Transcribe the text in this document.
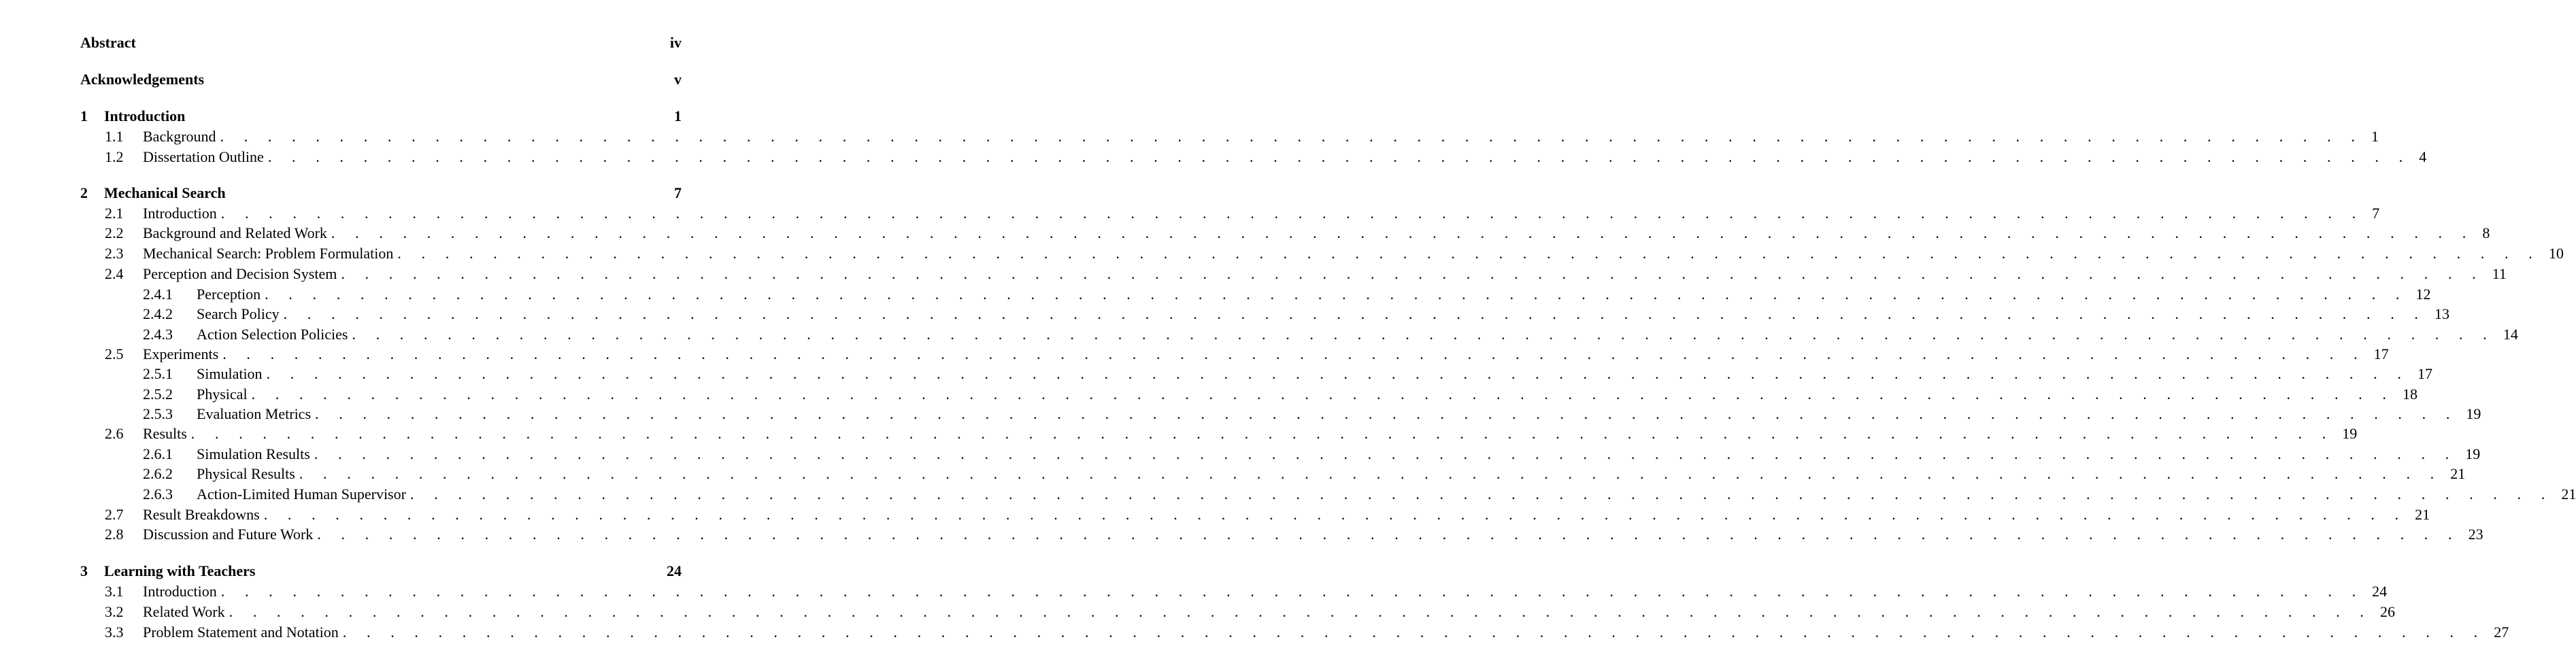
Abstract	iv
Acknowledgements	v
1	Introduction	1
1.1	Background . . . . . . . . . . . . . . . . . . . . . . . . . . . . . . . . . . . . . . . . . . . . . . . . . . . . . . . . . . . . . . . . . . . . . . . . . . . . . . . . . . . . . . . . . . 1
1.2	Dissertation Outline . . . . . . . . . . . . . . . . . . . . . . . . . . . . . . . . . . . . . . . . . . . . . . . . . . . . . . . . . . . . . . . . . . . . . . . . . . . . . . . . . . . . . . . . . . 4
2	Mechanical Search	7
2.1	Introduction . . . . . . . . . . . . . . . . . . . . . . . . . . . . . . . . . . . . . . . . . . . . . . . . . . . . . . . . . . . . . . . . . . . . . . . . . . . . . . . . . . . . . . . . . . 7
2.2	Background and Related Work . . . . . . . . . . . . . . . . . . . . . . . . . . . . . . . . . . . . . . . . . . . . . . . . . . . . . . . . . . . . . . . . . . . . . . . . . . . . . . . . . . . . . . . . . . 8
2.3	Mechanical Search: Problem Formulation . . . . . . . . . . . . . . . . . . . . . . . . . . . . . . . . . . . . . . . . . . . . . . . . . . . . . . . . . . . . . . . . . . . . . . . . . . . . . . . . . . . . . . . . . . 10
2.4	Perception and Decision System . . . . . . . . . . . . . . . . . . . . . . . . . . . . . . . . . . . . . . . . . . . . . . . . . . . . . . . . . . . . . . . . . . . . . . . . . . . . . . . . . . . . . . . . . . 11
2.4.1	Perception . . . . . . . . . . . . . . . . . . . . . . . . . . . . . . . . . . . . . . . . . . . . . . . . . . . . . . . . . . . . . . . . . . . . . . . . . . . . . . . . . . . . . . . . . . 12
2.4.2	Search Policy . . . . . . . . . . . . . . . . . . . . . . . . . . . . . . . . . . . . . . . . . . . . . . . . . . . . . . . . . . . . . . . . . . . . . . . . . . . . . . . . . . . . . . . . . . 13
2.4.3	Action Selection Policies . . . . . . . . . . . . . . . . . . . . . . . . . . . . . . . . . . . . . . . . . . . . . . . . . . . . . . . . . . . . . . . . . . . . . . . . . . . . . . . . . . . . . . . . . . 14
2.5	Experiments . . . . . . . . . . . . . . . . . . . . . . . . . . . . . . . . . . . . . . . . . . . . . . . . . . . . . . . . . . . . . . . . . . . . . . . . . . . . . . . . . . . . . . . . . . 17
2.5.1	Simulation . . . . . . . . . . . . . . . . . . . . . . . . . . . . . . . . . . . . . . . . . . . . . . . . . . . . . . . . . . . . . . . . . . . . . . . . . . . . . . . . . . . . . . . . . . 17
2.5.2	Physical . . . . . . . . . . . . . . . . . . . . . . . . . . . . . . . . . . . . . . . . . . . . . . . . . . . . . . . . . . . . . . . . . . . . . . . . . . . . . . . . . . . . . . . . . . 18
2.5.3	Evaluation Metrics . . . . . . . . . . . . . . . . . . . . . . . . . . . . . . . . . . . . . . . . . . . . . . . . . . . . . . . . . . . . . . . . . . . . . . . . . . . . . . . . . . . . . . . . . . 19
2.6	Results . . . . . . . . . . . . . . . . . . . . . . . . . . . . . . . . . . . . . . . . . . . . . . . . . . . . . . . . . . . . . . . . . . . . . . . . . . . . . . . . . . . . . . . . . . 19
2.6.1	Simulation Results . . . . . . . . . . . . . . . . . . . . . . . . . . . . . . . . . . . . . . . . . . . . . . . . . . . . . . . . . . . . . . . . . . . . . . . . . . . . . . . . . . . . . . . . . . 19
2.6.2	Physical Results . . . . . . . . . . . . . . . . . . . . . . . . . . . . . . . . . . . . . . . . . . . . . . . . . . . . . . . . . . . . . . . . . . . . . . . . . . . . . . . . . . . . . . . . . . 21
2.6.3	Action-Limited Human Supervisor . . . . . . . . . . . . . . . . . . . . . . . . . . . . . . . . . . . . . . . . . . . . . . . . . . . . . . . . . . . . . . . . . . . . . . . . . . . . . . . . . . . . . . . . . . 21
2.7	Result Breakdowns . . . . . . . . . . . . . . . . . . . . . . . . . . . . . . . . . . . . . . . . . . . . . . . . . . . . . . . . . . . . . . . . . . . . . . . . . . . . . . . . . . . . . . . . . . 21
2.8	Discussion and Future Work . . . . . . . . . . . . . . . . . . . . . . . . . . . . . . . . . . . . . . . . . . . . . . . . . . . . . . . . . . . . . . . . . . . . . . . . . . . . . . . . . . . . . . . . . . 23
3	Learning with Teachers	24
3.1	Introduction . . . . . . . . . . . . . . . . . . . . . . . . . . . . . . . . . . . . . . . . . . . . . . . . . . . . . . . . . . . . . . . . . . . . . . . . . . . . . . . . . . . . . . . . . . 24
3.2	Related Work . . . . . . . . . . . . . . . . . . . . . . . . . . . . . . . . . . . . . . . . . . . . . . . . . . . . . . . . . . . . . . . . . . . . . . . . . . . . . . . . . . . . . . . . . . 26
3.3	Problem Statement and Notation . . . . . . . . . . . . . . . . . . . . . . . . . . . . . . . . . . . . . . . . . . . . . . . . . . . . . . . . . . . . . . . . . . . . . . . . . . . . . . . . . . . . . . . . . . 27
